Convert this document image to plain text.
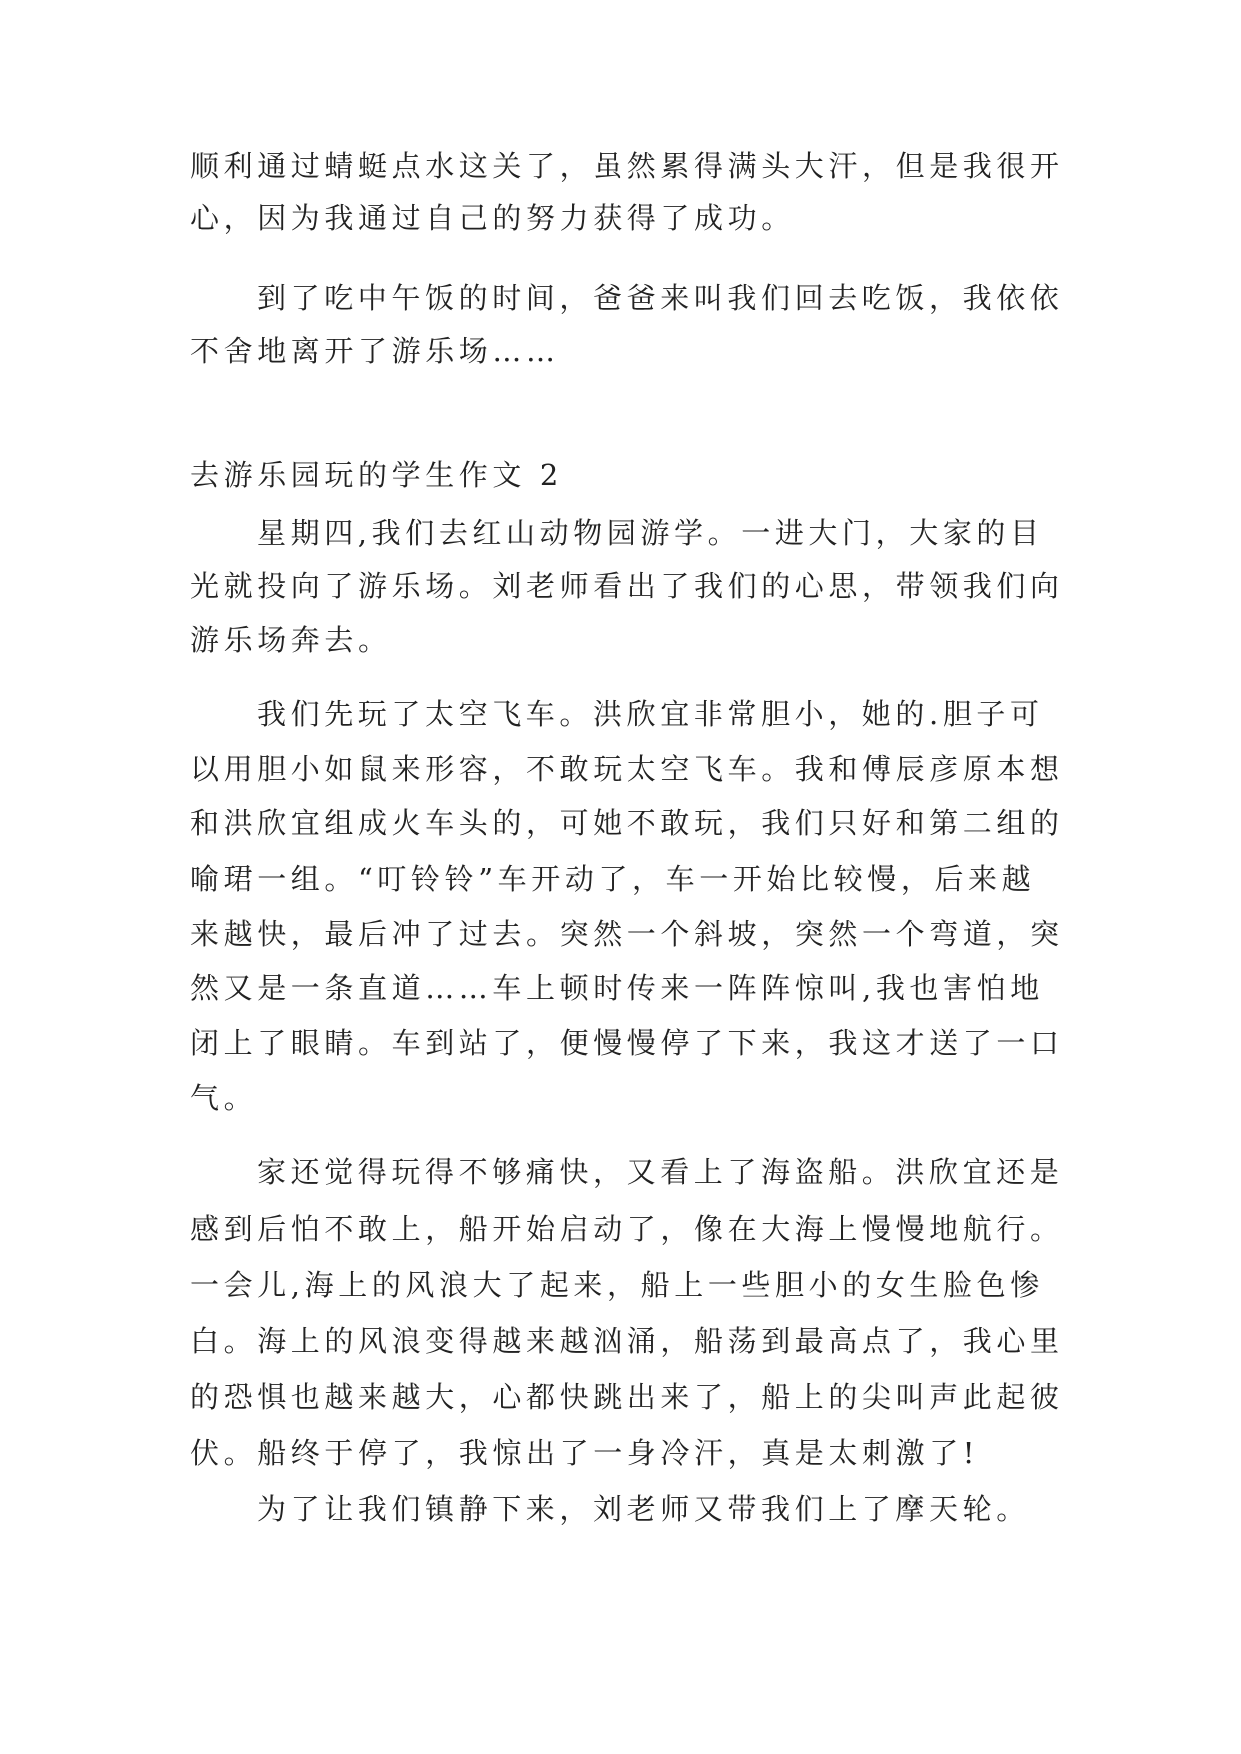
顺利通过蜻蜓点水这关了，虽然累得满头大汗，但是我很开
心，因为我通过自己的努力获得了成功。
到了吃中午饭的时间，爸爸来叫我们回去吃饭，我依依
不舍地离开了游乐场……
去游乐园玩的学生作文 2
星期四,我们去红山动物园游学。一进大门，大家的目
光就投向了游乐场。刘老师看出了我们的心思，带领我们向
游乐场奔去。
我们先玩了太空飞车。洪欣宜非常胆小，她的.胆子可
以用胆小如鼠来形容，不敢玩太空飞车。我和傅辰彦原本想
和洪欣宜组成火车头的，可她不敢玩，我们只好和第二组的
喻珺一组。“叮铃铃”车开动了，车一开始比较慢，后来越
来越快，最后冲了过去。突然一个斜坡，突然一个弯道，突
然又是一条直道……车上顿时传来一阵阵惊叫,我也害怕地
闭上了眼睛。车到站了，便慢慢停了下来，我这才送了一口
气。
家还觉得玩得不够痛快，又看上了海盗船。洪欣宜还是
感到后怕不敢上，船开始启动了，像在大海上慢慢地航行。
一会儿,海上的风浪大了起来，船上一些胆小的女生脸色惨
白。海上的风浪变得越来越汹涌，船荡到最高点了，我心里
的恐惧也越来越大，心都快跳出来了，船上的尖叫声此起彼
伏。船终于停了，我惊出了一身冷汗，真是太刺激了!
为了让我们镇静下来，刘老师又带我们上了摩天轮。
